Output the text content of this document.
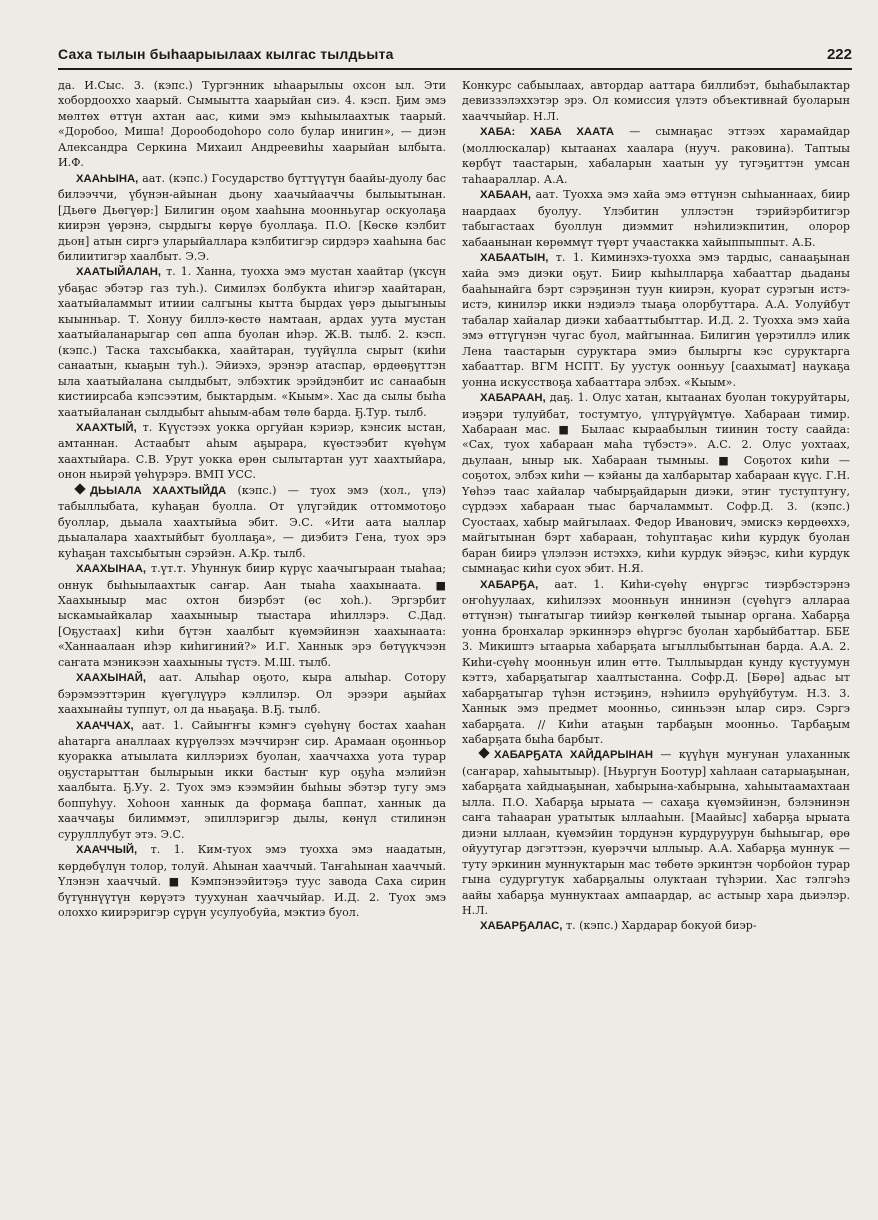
Саха тылын быһаарыылаах кылгас тылдьыта	222

да. И.Сыс. 3. (кэпс.) Тургэнник ыһаарылыы охсон ыл. Эти хобордооххо хаарый. Сымыытта хаарыйан сиэ. 4. кэсп. Ҕим эмэ мөлтөх өттүн ахтан аас, кими эмэ кыһыылаахтык таарый. «Доробоо, Миша! Дороободоһоро соло булар инигин», — диэн Александра Серкина Михаил Андреевиһы хаарыйан ылбыта. И.Ф.

ХААҺЫНА, аат. (кэпс.) Государство бүттүүтүн баайы-дуолу бас билээччи, үбүнэн-айынан дьону хаачыйааччы былыытынан. [Дьөгө Дьөгүөр:] Билигин оҕом хааһына моонньугар оскуолаҕа киирэн үөрэнэ, сырдыгы көрүө буоллаҕа. П.О. [Көскө кэлбит дьон] атын сиргэ уларыйаллара кэлбитигэр сирдэрэ хааһына бас билиитигэр хаалбыт. Э.Э.

ХААТЫЙАЛАН, т. 1. Ханна, туохха эмэ мустан хаайтар (үксүн убаҕас эбэтэр газ туһ.). Симилэх болбукта иһигэр хаайтаран, хаатыйаламмыт итиии салгыны кытта бырдах үөрэ дыыгыныы кыынньар. Т. Хонуу биллэ-көстө намтаан, ардах уута мустан хаатыйаланарыгар сөп аппа буолан иһэр. Ж.В. тылб. 2. кэсп. (кэпс.) Таска тахсыбакка, хаайтаран, туүйүлла сырыт (киһи санаатын, кыаҕын туһ.). Эйиэхэ, эрэнэр атаспар, өрдөөҕүттэн ыла хаатыйалана сылдыбыт, элбэхтик эрэйдэнбит ис санаабын кистиирсаба кэпсээтим, быктардым. «Кыым». Хас да сылы быһа хаатыйаланан сылдыбыт аһыым-абам төлө барда. Ҕ.Тур. тылб.

ХААХТЫЙ, т. Күүстээх уокка оргуйан кэриэр, кэнсик ыстан, амтаннан. Астаабыт аһым аҕырара, күөстээбит күөһүм хаахтыйара. С.В. Урут уокка өрөн сылытартан уут хаахтыйара, онон ньирэй үөһүрэрэ. ВМП УСС.

ДЬЫАЛА ХААХТЫЙДА (кэпс.) — туох эмэ (хол., үлэ) табыллыбата, куһаҕан буолла. От үлүгэйдик оттоммотоҕо буоллар, дьыала хаахтыйыа эбит. Э.С. «Ити аата ыаллар дьыалалара хаахтыйбыт буоллаҕа», — диэбитэ Гена, туох эрэ куһаҕан тахсыбытын сэрэйэн. А.Кр. тылб.

ХААХЫНАА, т.үт.т. Уһуннук биир күрүс хаачыгыраан тыаһаа; оннук быһыылаахтык саҥар. Аан тыаһа хаахынаата. ■ Хаахыныыр мас охтон биэрбэт (өс хоһ.). Эргэрбит ыскамыайкалар хаахыныыр тыастара иһиллэрэ. С.Дад. [Оҕустаах] киһи бүтэн хаалбыт күөмэйинэн хаахынаата: «Ханнаалаан иһэр киһигиний?» И.Г. Ханнык эрэ бөтүүкчээн саҥата мэникээн хаахыныы түстэ. М.Ш. тылб.

ХААХЫНАЙ, аат. Алыһар оҕото, кыра алыһар. Сотору бэрэмээттэрин күөгүлүүрэ кэллилэр. Ол эрээри аҕыйах хаахынайы туппут, ол да ньаҕаҕа. В.Ҕ. тылб.

ХААЧЧАХ, аат. 1. Сайыҥҥы кэмҥэ сүөһүнү бостах хааһан аһатарга аналлаах күрүөлээх мэччирэҥ сир. Арамаан оҕонньор куоракка атыылата киллэриэх буолан, хааччахха уота турар оҕустарыттан былырыын икки бастыҥ кур оҕуһа мэлийэн хаалбыта. Ҕ.Уу. 2. Туох эмэ кээмэйин быһыы эбэтэр тугу эмэ боппуһуу. Хоһоон ханнык да формаҕа баппат, ханнык да хааччаҕы билиммэт, эпиллэригэр дылы, көнүл стилинэн сурулллубут этэ. Э.С.

ХААЧЧЫЙ, т. 1. Ким-туох эмэ туохха эмэ наадатын, көрдөбүлүн толор, толуй. Аһынан хааччый. Таҥаһынан хааччый. Үлэнэн хааччый. ■ Кэмпэнээйитэҕэ туус завода Саха сирин бүтүннүүтүн көрүэтэ туухунан хааччыйар. И.Д. 2. Туох эмэ олоххо киирэригэр сүрүн усулуобуйа, мэктиэ буол.

Конкурс сабыылаах, автордар ааттара биллибэт, быһабылактар девиззэлэххэтэр эрэ. Ол комиссия үлэтэ объективнай буоларын хааччыйар. Н.Л.

ХАБА: ХАБА ХААТА — сымнаҕас эттээх харамайдар (моллюскалар) кытаанах хаалара (нууч. раковина). Таптыы көрбүт таастарын, хабаларын хаатын уу тугэҕиттэн умсан таһаараллар. А.А.

ХАБААН, аат. Туохха эмэ хайа эмэ өттүнэн сыһыаннаах, биир наардаах буолуу. Үлэбитин уллэстэн тэрийэрбитигэр табыгастаах буоллун диэммит нэһилиэкпитин, олорор хабаанынан көрөммүт түөрт учаастакка хайыппыппыт. А.Б.

ХАБААТЫН, т. 1. Киминэхэ-туохха эмэ тардыс, санааҕынан хайа эмэ диэки оҕут. Биир кыһылларҕа хабааттар дьаданы бааһынайга бэрт сэрэҕинэн туун киирэн, куорат сурэгын истэ-истэ, кинилэр икки нэдиэлэ тыаҕа олорбуттара. А.А. Уолуйбут табалар хайалар диэки хабааттыбыттар. И.Д. 2. Туохха эмэ хайа эмэ өттүгүнэн чугас буол, майгыннаа. Билигин үөрэтиллэ илик Лена таастарын суруктара эмиэ былыргы кэс суруктарга хабааттар. ВГМ НСПТ. Бу уустук оонньуу [саахымат] наукаҕа уонна искусствоҕа хабааттара элбэх. «Кыым».

ХАБАРААН, даҕ. 1. Олус хатан, кытаанах буолан токуруйтары, иэҕэри тулуйбат, тостумтуо, үлтүрүйүмтүө. Хабараан тимир. Хабараан мас. ■ Былаас кыраабылын тиинин тосту саайда: «Сах, туох хабараан маһа түбэстэ». А.С. 2. Олус уохтаах, дьулаан, ыныр ык. Хабараан тымныы. ■ Соҕотох киһи — соҕотох, элбэх киһи — кэйаны да халбарытар хабараан күүс. Г.Н. Үөһээ таас хайалар чабырҕайдарын диэки, этиҥ туступтуҥу, сүрдээх хабараан тыас барчаламмыт. Софр.Д. 3. (кэпс.) Суостаах, хабыр майгылаах. Федор Иванович, эмискэ көрдөөххэ, майгытынан бэрт хабараан, тоһуптаҕас киһи курдук буолан баран биирэ үлэлээн истэххэ, киһи курдук эйэҕэс, киһи курдук сымнаҕас киһи суох эбит. Н.Я.

ХАБАРҔА, аат. 1. Киһи-сүөһү өнүргэс тиэрбэстэрэнэ оҥоһуулаах, киһилээх моонньун иннинэн (сүөһүгэ аллараа өттүнэн) тыҥатыгар тиийэр көҥкөлөй тыынар органа. Хабарҕа уонна бронхалар эркиннэрэ өһүргэс буолан харбыйбаттар. ББЕ 3. Микиштэ ытаарыа хабарҕата ыгыллыбытынан барда. А.А. 2. Киһи-сүөһү моонньун илин өттө. Тыллыырдан кунду күстуумун кэттэ, хабарҕатыгар хаалтыстанна. Софр.Д. [Бөрө] адьас ыт хабарҕатыгар түһэн истэҕинэ, нэһиилэ өруһүйбутум. Н.З. 3. Ханнык эмэ предмет моонньо, синньээн ылар сирэ. Сэргэ хабарҕата. // Киһи атаҕын тарбаҕын моонньо. Тарбаҕым хабарҕата быһа барбыт.

ХАБАРҔАТА ХАЙДАРЫНАН — күүһүн муҥунан улаханнык (саҥарар, хаһыытыыр). [Ньургун Боотур] хаһлаан сатарыаҕынан, хабарҕата хайдыаҕынан, хабырына-хабырына, хаһыытаамахтаан ылла. П.О. Хабарҕа ырыата — сахаҕа күөмэйинэн, бэлэнинэн саҥа таһааран уратытык ыллааһын. [Маайыс] хабарҕа ырыата диэни ыллаан, күөмэйин тордунэн курдуруурун быһыыгар, өрө ойуутугар дэгэттээн, куөрэччи ыллыыр. А.А. Хабарҕа муннук — туту эркинин муннуктарын мас төбөтө эркинтэн чорбойон турар гына судургутук хабарҕалыы олуктаан түһэрии. Хас тэлгэһэ аайы хабарҕа муннуктаах ампаардар, ас астыыр хара дьиэлэр. Н.Л.

ХАБАРҔАЛАС, т. (кэпс.) Хардарар бокуой биэр-
